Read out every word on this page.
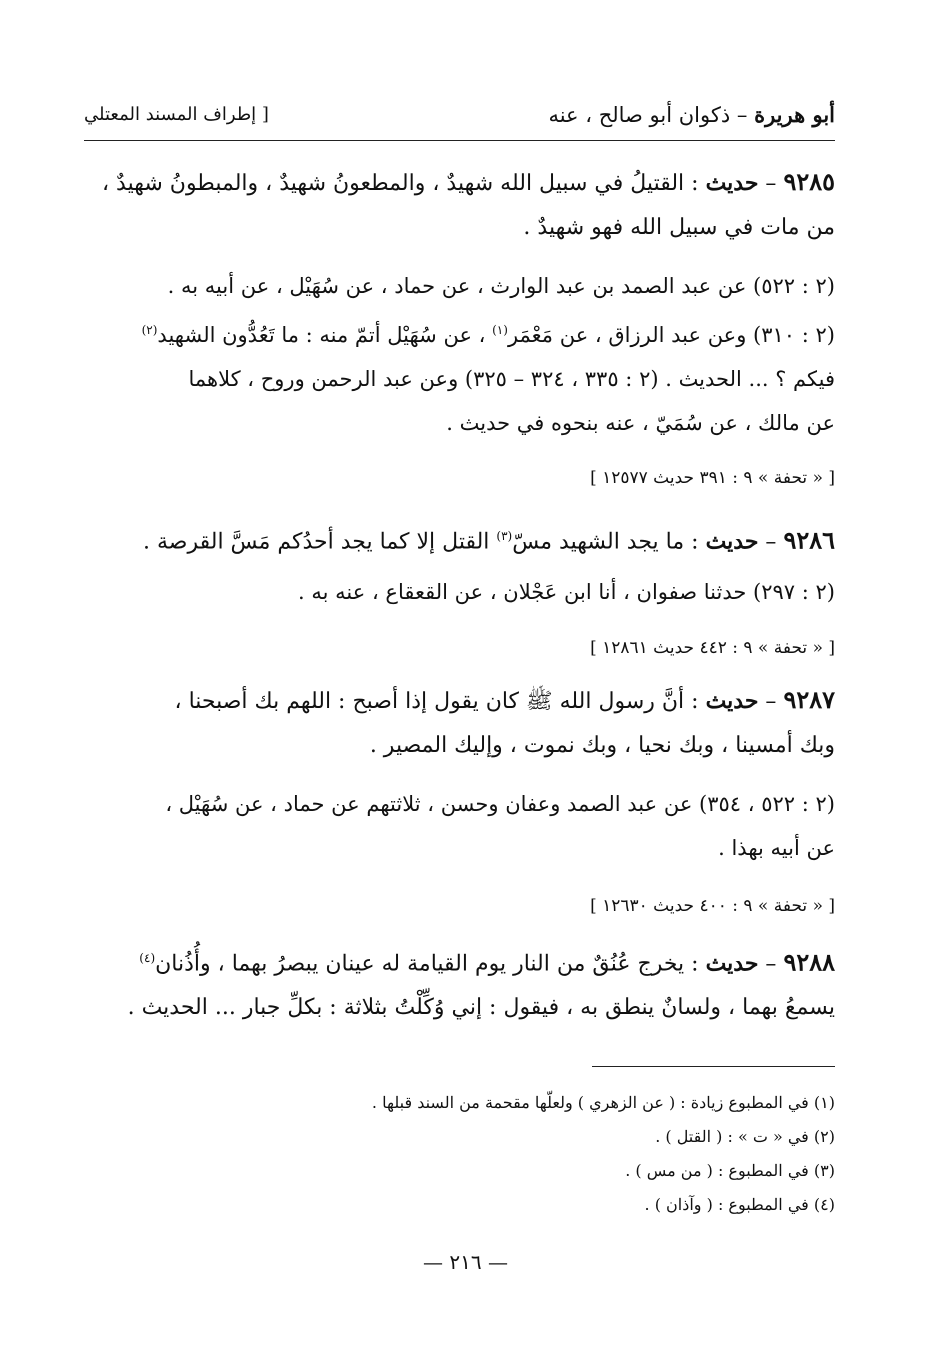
أبو هريرة – ذكوان أبو صالح ، عنه
[ إطراف المسند المعتلي

٩٢٨٥ – حديث : القتيلُ في سبيل الله شهيدٌ ، والمطعونُ شهيدٌ ، والمبطونُ شهيدٌ ،

من مات في سبيل الله فهو شهيدٌ .

(٢ : ٥٢٢) عن عبد الصمد بن عبد الوارث ، عن حماد ، عن سُهَيْل ، عن أبيه به .

(٢ : ٣١٠) وعن عبد الرزاق ، عن مَعْمَر$^{(١)}$ ، عن سُهَيْل أتمّ منه : ما تَعُدُّون الشهيد$^{(٢)}$

فيكم ؟ ... الحديث . (٢ : ٣٣٥ ، ٣٢٤ – ٣٢٥) وعن عبد الرحمن وروح ، كلاهما

عن مالك ، عن سُمَيّ ، عنه بنحوه في حديث .

[ « تحفة » ٩ : ٣٩١ حديث ١٢٥٧٧ ]

٩٢٨٦ – حديث : ما يجد الشهيد مسّ$^{(٣)}$ القتل إلا كما يجد أحدُكم مَسَّ القرصة .

(٢ : ٢٩٧) حدثنا صفوان ، أنا ابن عَجْلان ، عن القعقاع ، عنه به .

[ « تحفة » ٩ : ٤٤٢ حديث ١٢٨٦١ ]

٩٢٨٧ – حديث : أنَّ رسول الله ﷺ كان يقول إذا أصبح : اللهم بك أصبحنا ،

وبك أمسينا ، وبك نحيا ، وبك نموت ، وإليك المصير .

(٢ : ٥٢٢ ، ٣٥٤) عن عبد الصمد وعفان وحسن ، ثلاثتهم عن حماد ، عن سُهَيْل ،

عن أبيه بهذا .

[ « تحفة » ٩ : ٤٠٠ حديث ١٢٦٣٠ ]

٩٢٨٨ – حديث : يخرج عُنُقٌ من النار يوم القيامة له عينان يبصرُ بهما ، وأُذُنان$^{(٤)}$

يسمعُ بهما ، ولسانٌ ينطق به ، فيقول : إني وُكِّلْتُ بثلاثة : بكلِّ جبار ... الحديث .

(١) في المطبوع زيادة : ( عن الزهري ) ولعلّها مقحمة من السند قبلها .

(٢) في « ت » : ( القتل ) .

(٣) في المطبوع : ( من مس ) .

(٤) في المطبوع : ( وآذان ) .

— ٢١٦ —
